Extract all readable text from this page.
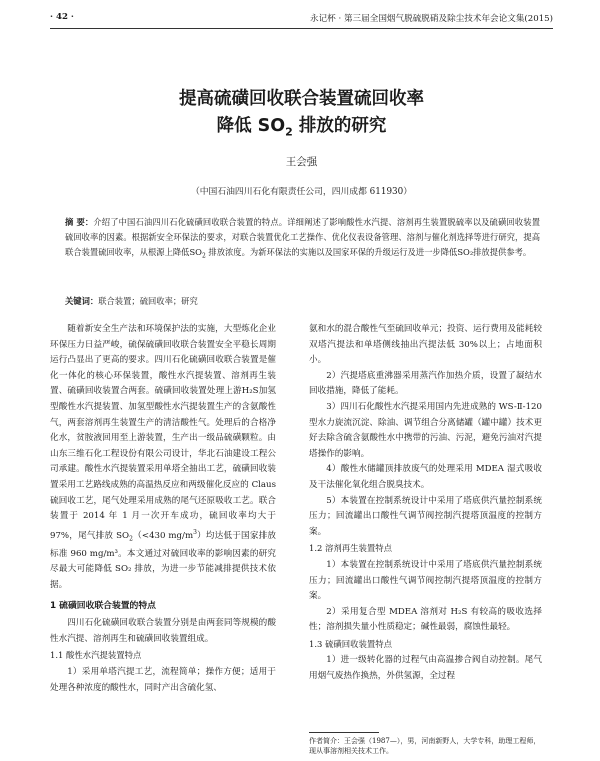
· 42 ·	永记杯 · 第三届全国烟气脱硫脱硝及除尘技术年会论文集(2015)
提高硫磺回收联合装置硫回收率
降低 $SO_2$ 排放的研究
王会强
（中国石油四川石化有限责任公司，四川成都 611930）
摘 要：介绍了中国石油四川石化硫磺回收联合装置的特点。详细阐述了影响酸性水汽提、溶剂再生装置脱硫率以及硫磺回收装置硫回收率的因素。根据新安全环保法的要求，对联合装置优化工艺操作、优化仪表设备管理、溶剂与催化剂选择等进行研究，提高联合装置硫回收率，从根源上降低$SO_2$ 排放浓度。为新环保法的实施以及国家环保的升级运行及进一步降低SO₂排放提供参考。
关键词：联合装置；硫回收率；研究

随着新安全生产法和环境保护法的实施，大型炼化企业环保压力日益严峻，硫保硫磺回收联合装置安全平稳长周期运行凸显出了更高的要求。四川石化硫磺回收联合装置是催化一体化的核心环保装置，酸性水汽提装置、溶剂再生装置、硫磺回收装置合两套。硫磺回收装置处理上游H₂S加氢型酸性水汽提装置、加氢型酸性水汽提装置生产的含氨酸性气，两套溶剂再生装置生产的清洁酸性气。处理后的合格净化水，贫胺液回用至上游装置，生产出一级品硫磺颗粒。由山东三维石化工程设份有限公司设计，华北石油建设工程公司承建。酸性水汽提装置采用单塔全抽出工艺，硫磺回收装置采用工艺路线成熟的高温热反应和两级催化反应的 Claus 硫回收工艺，尾气处理采用成熟的尾气还原吸收工艺。联合装置于 2014 年 1 月一次开车成功，硫回收率均大于 97%，尾气排放 $SO_2(<430$ $mg/m^3$）均达低于国家排放标准 960 mg/m³。本文通过对硫回收率的影响因素的研究尽最大可能降低 SO₂ 排放，为进一步节能减排提供技术依据。

1 硫磺回收联合装置的特点

四川石化硫磺回收联合装置分别是由两套同等规模的酸性水汽提、溶剂再生和硫磺回收装置组成。

1.1 酸性水汽提装置特点

1）采用单塔汽提工艺，流程简单；操作方便；适用于处理各种浓度的酸性水，同时产出含硫化氢、

氨和水的混合酸性气至硫回收单元；投资、运行费用及能耗较双塔汽提法和单塔侧线抽出汽提法低 30%以上；占地面积小。

2）汽提塔底重沸器采用蒸汽作加热介质，设置了凝结水回收措施，降低了能耗。

3）四川石化酸性水汽提采用国内先进成熟的 WS-Ⅱ-120 型水力旋流沉淀、除油、调节组合分离储罐（罐中罐）技术更好去除含硫含氨酸性水中携带的污油、污泥，避免污油对汽提塔操作的影响。

4）酸性水储罐顶排放废气的处理采用 MDEA 湿式吸收及干法催化氧化组合脱臭技术。

5）本装置在控制系统设计中采用了塔底供汽量控制系统压力；回流罐出口酸性气调节阀控制汽提塔顶温度的控制方案。

1.2 溶剂再生装置特点

1）本装置在控制系统设计中采用了塔底供汽量控制系统压力；回流罐出口酸性气调节阀控制汽提塔顶温度的控制方案。

2）采用复合型 MDEA 溶剂对 H₂S 有较高的吸收选择性；溶剂损失量小性质稳定；碱性最弱，腐蚀性最轻。

1.3 硫磺回收装置特点

1）进一级转化器的过程气由高温掺合阀自动控制。尾气用烟气废热作换热，外供氢源，全过程

作者简介：王会强（1987—），男，河南新野人，大学专科，助理工程师，现从事溶剂相关技术工作。
